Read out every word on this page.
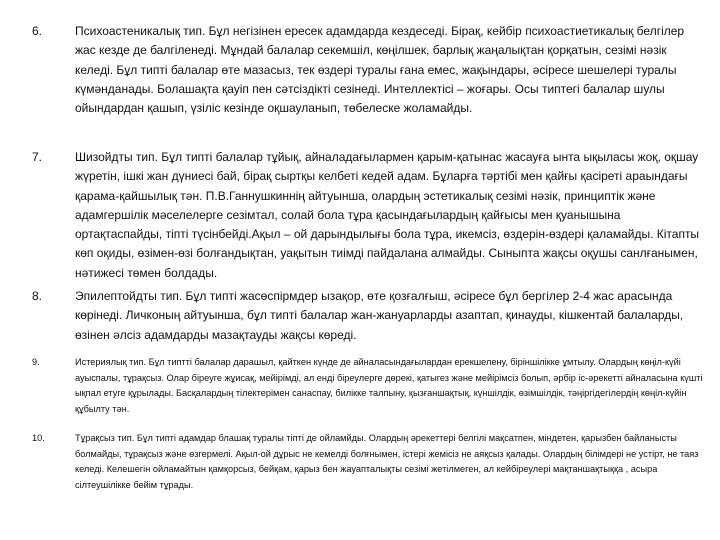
6.	Психоастеникалық тип. Бұл негізінен ересек адамдарда кездеседі. Бірақ, кейбір психоастиетикалық белгілер жас кезде де балгіленеді. Мұндай балалар секемшіл, көңілшек, барлық жаңалықтан қорқатын, сезімі нәзік келеді. Бұл типті балалар өте мазасыз, тек өздері туралы ғана емес, жақындары, әсіресе шешелері туралы күмәнданады. Болашақта қауіп пен сәтсіздікті сезінеді. Интеллектісі – жоғары. Осы типтегі балалар шулы ойындардан қашып, үзіліс кезінде оқшауланып, төбелеске жоламайды.
7.	Шизойдты тип. Бұл типті балалар тұйық, айналадағылармен қарым-қатынас жасауға ынта ықыласы жоқ, оқшау жүретін, ішкі жан дүниесі бай, бірақ сыртқы келбеті кедей адам. Бұларға тәртібі мен қайғы қасіреті араындағы қарама-қайшылық тән. П.В.Ганнушкиннің айтуынша, олардың эстетикалық сезімі нәзік, принциптік және адамгершілік мәселелерге сезімтал, солай бола тұра қасындағылардың қайғысы мен қуанышына ортақтаспайды, тіпті түсінбейді.Ақыл – ой дарындылығы бола тұра, икемсіз, өздерін-өздері қаламайды. Кітапты көп оқиды, өзімен-өзі болғандықтан, уақытын тиімді пайдалана алмайды. Сыныпта жақсы оқушы санлғанымен, нәтижесі төмен болдады.
8.	Эпилептойдты тип. Бұл типті жасөспірмдер ызақор, өте қозғалғыш, әсіресе бұл бергілер 2-4 жас арасында көрінеді. Личконың айтуынша, бұл типті балалар жан-жануарларды азаптап, қинауды, кішкентай балаларды, өзінен әлсіз адамдарды мазақтауды жақсы көреді.
9.	Истериялық тип. Бұл типтті балалар дарашыл, қайткен күнде де айналасындағылардан ерекшелену, біріншілікке ұмтылу. Олардың көңіл-күйі ауыспалы, тұрақсыз. Олар біреуге жұисақ, мейірімді, ал енді біреулерге дөрекі, қатыгез және мейірімсіз болып, әрбір іс-әрекетті айналасына күшті ықпал етуге құрылады. Басқалардың тілектерімен санаспау, билікке талпыну, қызғаншақтық, күншілдік, өзімшілдік, тәңіргідегілердің көңіл-күйін құбылту тән.
10.	Тұрақсыз тип. Бұл типті адамдар блашақ туралы тіпті де ойламйды. Олардың әрекеттері белгілі мақсатпен, міндетен, қарызбен байланысты болмайды, тұрақсыз және өзгермелі. Ақыл-ой дұрыс не кемелді болғнымен, істері жемісіз не аяқсыз қалады. Олардың білімдері не устірт, не таяз келеді. Келешегін ойламайтын қамқорсыз, бейқам, қарыз бен жауапталықты сезімі жетілмеген, ал кейбіреулері мақтаншақтыққа , асыра сілтеушілікке бейім тұрады.
